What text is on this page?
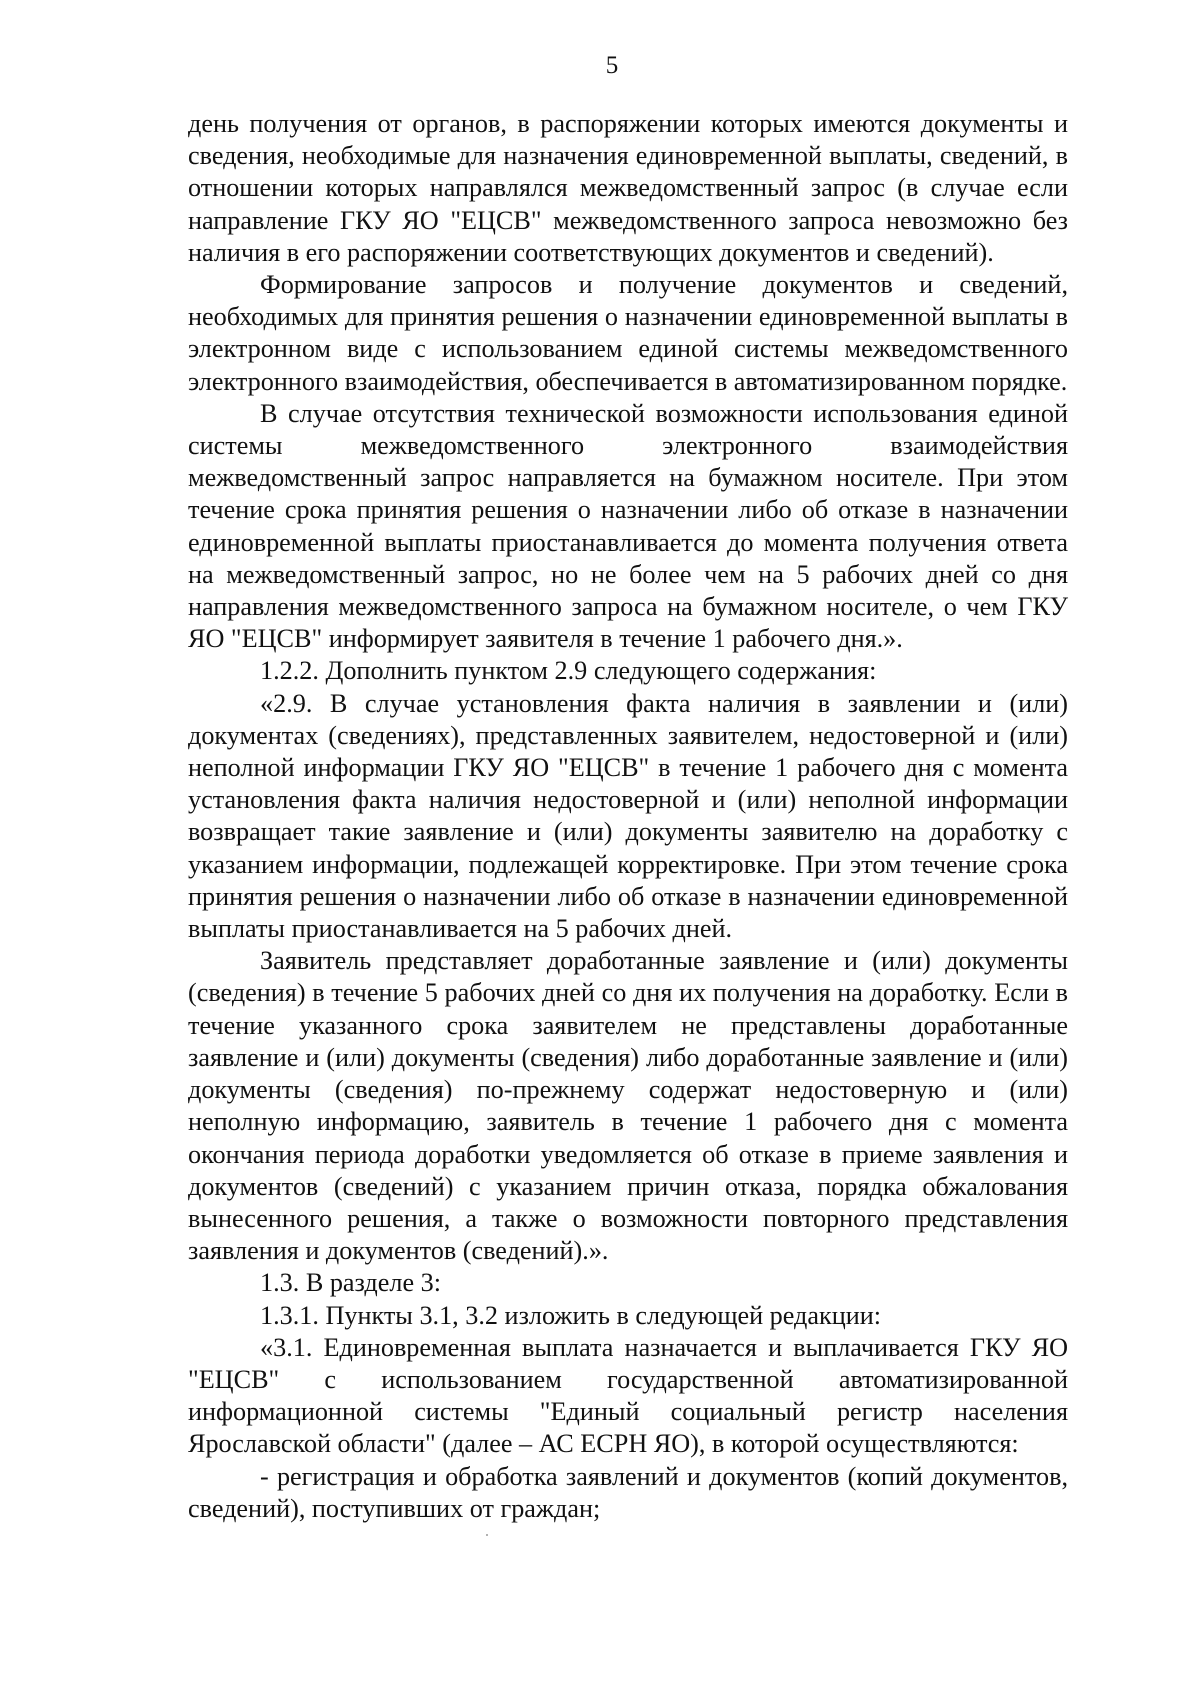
5

день получения от органов, в распоряжении которых имеются документы и сведения, необходимые для назначения единовременной выплаты, сведений, в отношении которых направлялся межведомственный запрос (в случае если направление ГКУ ЯО "ЕЦСВ" межведомственного запроса невозможно без наличия в его распоряжении соответствующих документов и сведений).

Формирование запросов и получение документов и сведений, необходимых для принятия решения о назначении единовременной выплаты в электронном виде с использованием единой системы межведомственного электронного взаимодействия, обеспечивается в автоматизированном порядке.

В случае отсутствия технической возможности использования единой системы межведомственного электронного взаимодействия межведомственный запрос направляется на бумажном носителе. При этом течение срока принятия решения о назначении либо об отказе в назначении единовременной выплаты приостанавливается до момента получения ответа на межведомственный запрос, но не более чем на 5 рабочих дней со дня направления межведомственного запроса на бумажном носителе, о чем ГКУ ЯО "ЕЦСВ" информирует заявителя в течение 1 рабочего дня.».

1.2.2. Дополнить пунктом 2.9 следующего содержания:

«2.9. В случае установления факта наличия в заявлении и (или) документах (сведениях), представленных заявителем, недостоверной и (или) неполной информации ГКУ ЯО "ЕЦСВ" в течение 1 рабочего дня с момента установления факта наличия недостоверной и (или) неполной информации возвращает такие заявление и (или) документы заявителю на доработку с указанием информации, подлежащей корректировке. При этом течение срока принятия решения о назначении либо об отказе в назначении единовременной выплаты приостанавливается на 5 рабочих дней.

Заявитель представляет доработанные заявление и (или) документы (сведения) в течение 5 рабочих дней со дня их получения на доработку. Если в течение указанного срока заявителем не представлены доработанные заявление и (или) документы (сведения) либо доработанные заявление и (или) документы (сведения) по-прежнему содержат недостоверную и (или) неполную информацию, заявитель в течение 1 рабочего дня с момента окончания периода доработки уведомляется об отказе в приеме заявления и документов (сведений) с указанием причин отказа, порядка обжалования вынесенного решения, а также о возможности повторного представления заявления и документов (сведений).».

1.3. В разделе 3:

1.3.1. Пункты 3.1, 3.2 изложить в следующей редакции:

«3.1. Единовременная выплата назначается и выплачивается ГКУ ЯО "ЕЦСВ" с использованием государственной автоматизированной информационной системы "Единый социальный регистр населения Ярославской области" (далее – АС ЕСРН ЯО), в которой осуществляются:

- регистрация и обработка заявлений и документов (копий документов, сведений), поступивших от граждан;
